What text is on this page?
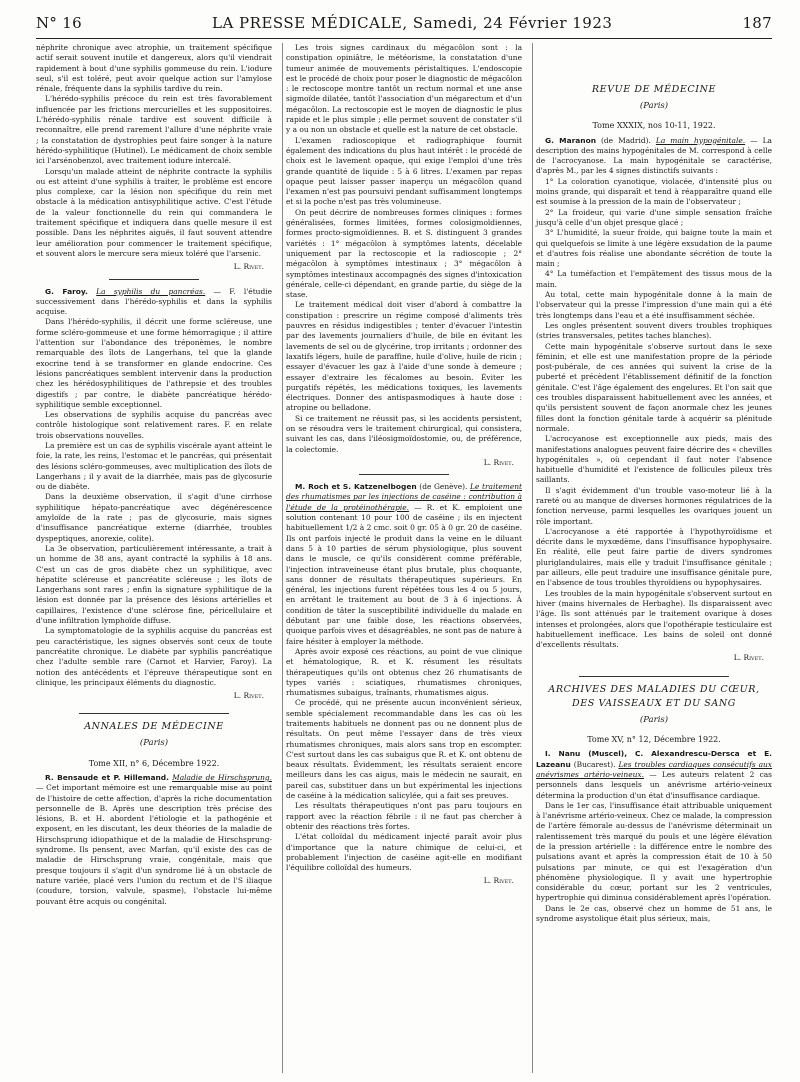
N° 16	LA PRESSE MÉDICALE, Samedi, 24 Février 1923	187

néphrite chronique avec atrophie, un traitement spécifique actif serait souvent inutile et dangereux, alors qu'il viendrait rapidement à bout d'une syphilis gommeuse du rein. L'iodure seul, s'il est toléré, peut avoir quelque action sur l'amylose rénale, fréquente dans la syphilis tardive du rein.

L'hérédo-syphilis précoce du rein est très favorablement influencée par les frictions mercurielles et les suppositoires. L'hérédo-syphilis rénale tardive est souvent difficile à reconnaître, elle prend rarement l'allure d'une néphrite vraie ; la constatation de dystrophies peut faire songer à la nature hérédo-syphilitique (Hutinel). Le médicament de choix semble ici l'arsénobenzol, avec traitement iodure intercalé.

Lorsqu'un malade atteint de néphrite contracte la syphilis ou est atteint d'une syphilis à traiter, le problème est encore plus complexe, car la lésion non spécifique du rein met obstacle à la médication antisyphilitique active. C'est l'étude de la valeur fonctionnelle du rein qui commandera le traitement spécifique et indiquera dans quelle mesure il est possible. Dans les néphrites aiguës, il faut souvent attendre leur amélioration pour commencer le traitement spécifique, et souvent alors le mercure sera mieux toléré que l'arsenic.

L. Rivet.

G. Faroy. La syphilis du pancréas. — F. l'étudie successivement dans l'hérédo-syphilis et dans la syphilis acquise.

Dans l'hérédo-syphilis, il décrit une forme scléreuse, une forme scléro-gommeuse et une forme hémorragique ; il attire l'attention sur l'abondance des tréponèmes, le nombre remarquable des îlots de Langerhans, tel que la glande exocrine tend à se transformer en glande endocrine. Ces lésions pancréatiques semblent intervenir dans la production chez les hérédosyphilitiques de l'athrepsie et des troubles digestifs ; par contre, le diabète pancréatique hérédo-syphilitique semble exceptionnel.

Les observations de syphilis acquise du pancréas avec contrôle histologique sont relativement rares. F. en relate trois observations nouvelles.

La première est un cas de syphilis viscérale ayant atteint le foie, la rate, les reins, l'estomac et le pancréas, qui présentait des lésions scléro-gommeuses, avec multiplication des îlots de Langerhans ; il y avait de la diarrhée, mais pas de glycosurie ou de diabète.

Dans la deuxième observation, il s'agit d'une cirrhose syphilitique hépato-pancréatique avec dégénérescence amyloïde de la rate ; pas de glycosurie, mais signes d'insuffisance pancréatique externe (diarrhée, troubles dyspeptiques, anorexie, colite).

La 3e observation, particulièrement intéressante, a trait à un homme de 38 ans, ayant contracté la syphilis à 18 ans. C'est un cas de gros diabète chez un syphilitique, avec hépatite scléreuse et pancréatite scléreuse ; les îlots de Langerhans sont rares ; enfin la signature syphilitique de la lésion est donnée par la présence des lésions artérielles et capillaires, l'existence d'une sclérose fine, péricellulaire et d'une infiltration lymphoïde diffuse.

La symptomatologie de la syphilis acquise du pancréas est peu caractéristique, les signes observés sont ceux de toute pancréatite chronique. Le diabète par syphilis pancréatique chez l'adulte semble rare (Carnot et Harvier, Faroy). La notion des antécédents et l'épreuve thérapeutique sont en clinique, les principaux éléments du diagnostic.

L. Rivet.

ANNALES DE MÉDECINE

(Paris)

Tome XII, n° 6, Décembre 1922.

R. Bensaude et P. Hillemand. Maladie de Hirschsprung. — Cet important mémoire est une remarquable mise au point de l'histoire de cette affection, d'après la riche documentation personnelle de B. Après une description très précise des lésions, B. et H. abordent l'étiologie et la pathogénie et exposent, en les discutant, les deux théories de la maladie de Hirschsprung idiopathique et de la maladie de Hirschsprung-syndrome. Ils pensent, avec Marfan, qu'il existe des cas de maladie de Hirschsprung vraie, congénitale, mais que presque toujours il s'agit d'un syndrome lié à un obstacle de nature variée, placé vers l'union du rectum et de l'S iliaque (coudure, torsion, valvule, spasme), l'obstacle lui-même pouvant être acquis ou congénital.

Les trois signes cardinaux du mégacôlon sont : la constipation opiniâtre, le météorisme, la constatation d'une tumeur animée de mouvements péristaltiques. L'endoscopie est le procédé de choix pour poser le diagnostic de mégacôlon : le rectoscope montre tantôt un rectum normal et une anse sigmoïde dilatée, tantôt l'association d'un mégarectum et d'un mégacôlon. La rectoscopie est le moyen de diagnostic le plus rapide et le plus simple ; elle permet souvent de constater s'il y a ou non un obstacle et quelle est la nature de cet obstacle.

L'examen radioscopique et radiographique fournit également des indications du plus haut intérêt : le procédé de choix est le lavement opaque, qui exige l'emploi d'une très grande quantité de liquide : 5 à 6 litres. L'examen par repas opaque peut laisser passer inaperçu un mégacôlon quand l'examen n'est pas poursuivi pendant suffisamment longtemps et si la poche n'est pas très volumineuse.

On peut décrire de nombreuses formes cliniques : formes généralisées, formes limitées, formes colosigmoïdiennes, formes procto-sigmoïdiennes. B. et S. distinguent 3 grandes variétés : 1° mégacôlon à symptômes latents, décelable uniquement par la rectoscopie et la radioscopie ; 2° mégacôlon à symptômes intestinaux ; 3° mégacôlon à symptômes intestinaux accompagnés des signes d'intoxication générale, celle-ci dépendant, en grande partie, du siège de la stase.

Le traitement médical doit viser d'abord à combattre la constipation : prescrire un régime composé d'aliments très pauvres en résidus indigestibles ; tenter d'évacuer l'intestin par des lavements journaliers d'huile, de bile en évitant les lavements de sel ou de glycérine, trop irritants ; ordonner des laxatifs légers, huile de paraffine, huile d'olive, huile de ricin ; essayer d'évacuer les gaz à l'aide d'une sonde à demeure ; essayer d'extraire les fécalomes au besoin. Éviter les purgatifs répétés, les médications toxiques, les lavements électriques. Donner des antispasmodiques à haute dose : atropine ou belladone.

Si ce traitement ne réussit pas, si les accidents persistent, on se résoudra vers le traitement chirurgical, qui consistera, suivant les cas, dans l'iléosigmoïdostomie, ou, de préférence, la colectomie.

L. Rivet.

M. Roch et S. Katzenelbogen (de Genève). Le traitement des rhumatismes par les injections de caséine : contribution à l'étude de la protéinothérapie. — R. et K. emploient une solution contenant 10 pour 100 de caséine ; ils en injectent habituellement 1/2 à 2 cmc. soit 0 gr. 05 à 0 gr. 20 de caséine. Ils ont parfois injecté le produit dans la veine en le diluant dans 5 à 10 parties de sérum physiologique, plus souvent dans le muscle, ce qu'ils considèrent comme préférable, l'injection intraveineuse étant plus brutale, plus choquante, sans donner de résultats thérapeutiques supérieurs. En général, les injections furent répétées tous les 4 ou 5 jours, en arrêtant le traitement au bout de 3 à 6 injections. À condition de tâter la susceptibilité individuelle du malade en débutant par une faible dose, les réactions observées, quoique parfois vives et désagréables, ne sont pas de nature à faire hésiter à employer la méthode.

Après avoir exposé ces réactions, au point de vue clinique et hématologique, R. et K. résument les résultats thérapeutiques qu'ils ont obtenus chez 26 rhumatisants de types variés : sciatiques, rhumatismes chroniques, rhumatismes subaigus, traînants, rhumatismes aigus.

Ce procédé, qui ne présente aucun inconvénient sérieux, semble spécialement recommandable dans les cas où les traitements habituels ne donnent pas ou ne donnent plus de résultats. On peut même l'essayer dans de très vieux rhumatismes chroniques, mais alors sans trop en escompter. C'est surtout dans les cas subaigus que R. et K. ont obtenu de beaux résultats. Évidemment, les résultats seraient encore meilleurs dans les cas aigus, mais le médecin ne saurait, en pareil cas, substituer dans un but expérimental les injections de caséine à la médication salicylée, qui a fait ses preuves.

Les résultats thérapeutiques n'ont pas paru toujours en rapport avec la réaction fébrile : il ne faut pas chercher à obtenir des réactions très fortes.

L'état colloïdal du médicament injecté paraît avoir plus d'importance que la nature chimique de celui-ci, et probablement l'injection de caséine agit-elle en modifiant l'équilibre colloïdal des humeurs.

L. Rivet.

REVUE DE MÉDECINE

(Paris)

Tome XXXIX, nos 10-11, 1922.

G. Maranon (de Madrid). La main hypogénitale. — La description des mains hypogénitales de M. correspond à celle de l'acrocyanose. La main hypogénitale se caractérise, d'après M., par les 4 signes distinctifs suivants :

1° La coloration cyanotique, violacée, d'intensité plus ou moins grande, qui disparaît et tend à réapparaître quand elle est soumise à la pression de la main de l'observateur ;

2° La froideur, qui varie d'une simple sensation fraîche jusqu'à celle d'un objet presque glacé ;

3° L'humidité, la sueur froide, qui baigne toute la main et qui quelquefois se limite à une légère exsudation de la paume et d'autres fois réalise une abondante sécrétion de toute la main ;

4° La tuméfaction et l'empâtement des tissus mous de la main.

Au total, cette main hypogénitale donne à la main de l'observateur qui la presse l'impression d'une main qui a été très longtemps dans l'eau et a été insuffisamment séchée.

Les ongles présentent souvent divers troubles trophiques (stries transversales, petites taches blanches).

Cette main hypogénitale s'observe surtout dans le sexe féminin, et elle est une manifestation propre de la période post-pubérale, de ces années qui suivent la crise de la puberté et précèdent l'établissement définitif de la fonction génitale. C'est l'âge également des engelures. Et l'on sait que ces troubles disparaissent habituellement avec les années, et qu'ils persistent souvent de façon anormale chez les jeunes filles dont la fonction génitale tarde à acquérir sa plénitude normale.

L'acrocyanose est exceptionnelle aux pieds, mais des manifestations analogues peuvent faire décrire des « chevilles hypogénitales », où cependant il faut noter l'absence habituelle d'humidité et l'existence de follicules pileux très saillants.

Il s'agit évidemment d'un trouble vaso-moteur lié à la rareté ou au manque de diverses hormones régulatrices de la fonction nerveuse, parmi lesquelles les ovariques jouent un rôle important.

L'acrocyanose a été rapportée à l'hypothyroïdisme et décrite dans le myxœdème, dans l'insuffisance hypophysaire. En réalité, elle peut faire partie de divers syndromes pluriglandulaires, mais elle y traduit l'insuffisance génitale ; par ailleurs, elle peut traduire une insuffisance génitale pure, en l'absence de tous troubles thyroïdiens ou hypophysaires.

Les troubles de la main hypogénitale s'observent surtout en hiver (mains hivernales de Herbaghe). Ils disparaissent avec l'âge. Ils sont atténués par le traitement ovarique à doses intenses et prolongées, alors que l'opothérapie testiculaire est habituellement inefficace. Les bains de soleil ont donné d'excellents résultats.

L. Rivet.

ARCHIVES DES MALADIES DU CŒUR,

DES VAISSEAUX ET DU SANG

(Paris)

Tome XV, n° 12, Décembre 1922.

I. Nanu (Muscel), C. Alexandrescu-Dersca et E. Lazeanu (Bucarest). Les troubles cardiaques consécutifs aux anévrismes artério-veineux. — Les auteurs relatent 2 cas personnels dans lesquels un anévrisme artério-veineux détermina la production d'un état d'insuffisance cardiaque.

Dans le 1er cas, l'insuffisance était attribuable uniquement à l'anévrisme artério-veineux. Chez ce malade, la compression de l'artère fémorale au-dessus de l'anévrisme déterminait un ralentissement très marqué du pouls et une légère élévation de la pression artérielle : la différence entre le nombre des pulsations avant et après la compression était de 10 à 50 pulsations par minute, ce qui est l'exagération d'un phénomène physiologique. Il y avait une hypertrophie considérable du cœur, portant sur les 2 ventricules, hypertrophie qui diminua considérablement après l'opération.

Dans le 2e cas, observé chez un homme de 51 ans, le syndrome asystolique était plus sérieux, mais,
